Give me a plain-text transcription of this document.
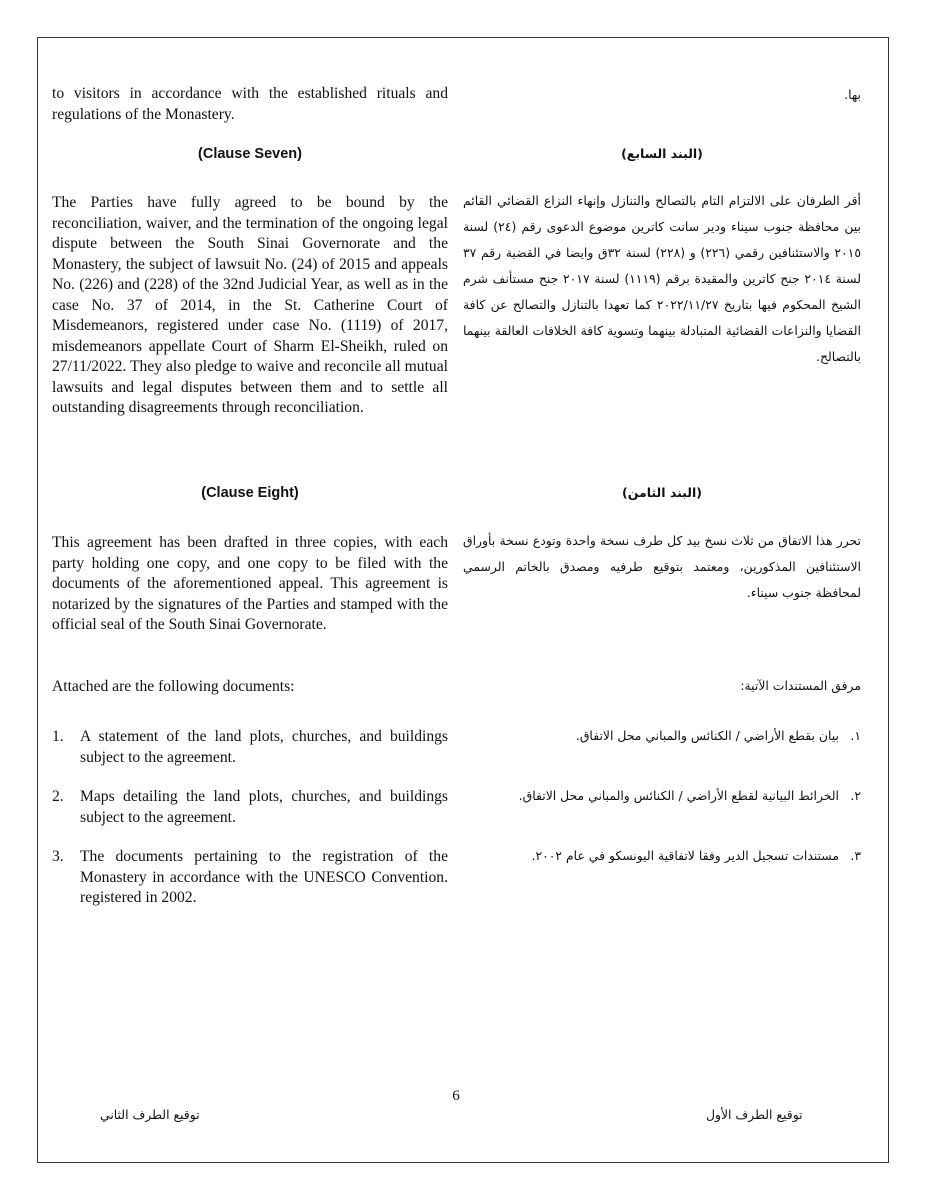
to visitors in accordance with the established rituals and regulations of the Monastery.
(Clause Seven)
The Parties have fully agreed to be bound by the reconciliation, waiver, and the termination of the ongoing legal dispute between the South Sinai Governorate and the Monastery, the subject of lawsuit No. (24) of 2015 and appeals No. (226) and (228) of the 32nd Judicial Year, as well as in the case No. 37 of 2014, in the St. Catherine Court of Misdemeanors, registered under case No. (1119) of 2017, misdemeanors appellate Court of Sharm El-Sheikh, ruled on 27/11/2022. They also pledge to waive and reconcile all mutual lawsuits and legal disputes between them and to settle all outstanding disagreements through reconciliation.
(Clause Eight)
This agreement has been drafted in three copies, with each party holding one copy, and one copy to be filed with the documents of the aforementioned appeal. This agreement is notarized by the signatures of the Parties and stamped with the official seal of the South Sinai Governorate.
Attached are the following documents:
1.	A statement of the land plots, churches, and buildings subject to the agreement.
2.	Maps detailing the land plots, churches, and buildings subject to the agreement.
3.	The documents pertaining to the registration of the Monastery in accordance with the UNESCO Convention. registered in 2002.
بها.
(البند السابع)
أقر الطرفان على الالتزام التام بالتصالح والتنازل وإنهاء النزاع القضائي القائم بين محافظة جنوب سيناء ودير سانت كاترين موضوع الدعوى رقم (٢٤) لسنة ٢٠١٥ والاستئنافين رقمي (٢٢٦) و (٢٢٨) لسنة ٣٢ق وايضا في القضية رقم ٣٧ لسنة ٢٠١٤ جنح كاترين والمقيدة برقم (١١١٩) لسنة ٢٠١٧ جنح مستأنف شرم الشيخ المحكوم فيها بتاريخ ٢٠٢٢/١١/٢٧ كما تعهدا بالتنازل والتصالح عن كافة القضايا والنزاعات القضائية المتبادلة بينهما وتسوية كافة الخلافات العالقة بينهما بالتصالح.
(البند الثامن)
تحرر هذا الاتفاق من ثلاث نسخ بيد كل طرف نسخة واحدة وتودع نسخة بأوراق الاستئنافين المذكورين، ومعتمد بتوقيع طرفيه ومصدق بالخاتم الرسمي لمحافظة جنوب سيناء.
مرفق المستندات الآتية:
١.
بيان بقطع الأراضي / الكنائس والمباني محل الاتفاق.
٢.
الخرائط البيانية لقطع الأراضي / الكنائس والمباني محل الاتفاق.
٣.
مستندات تسجيل الدير وفقا لاتفاقية اليونسكو في عام ٢٠٠٢.
6
توقيع الطرف الثاني	توقيع الطرف الأول
